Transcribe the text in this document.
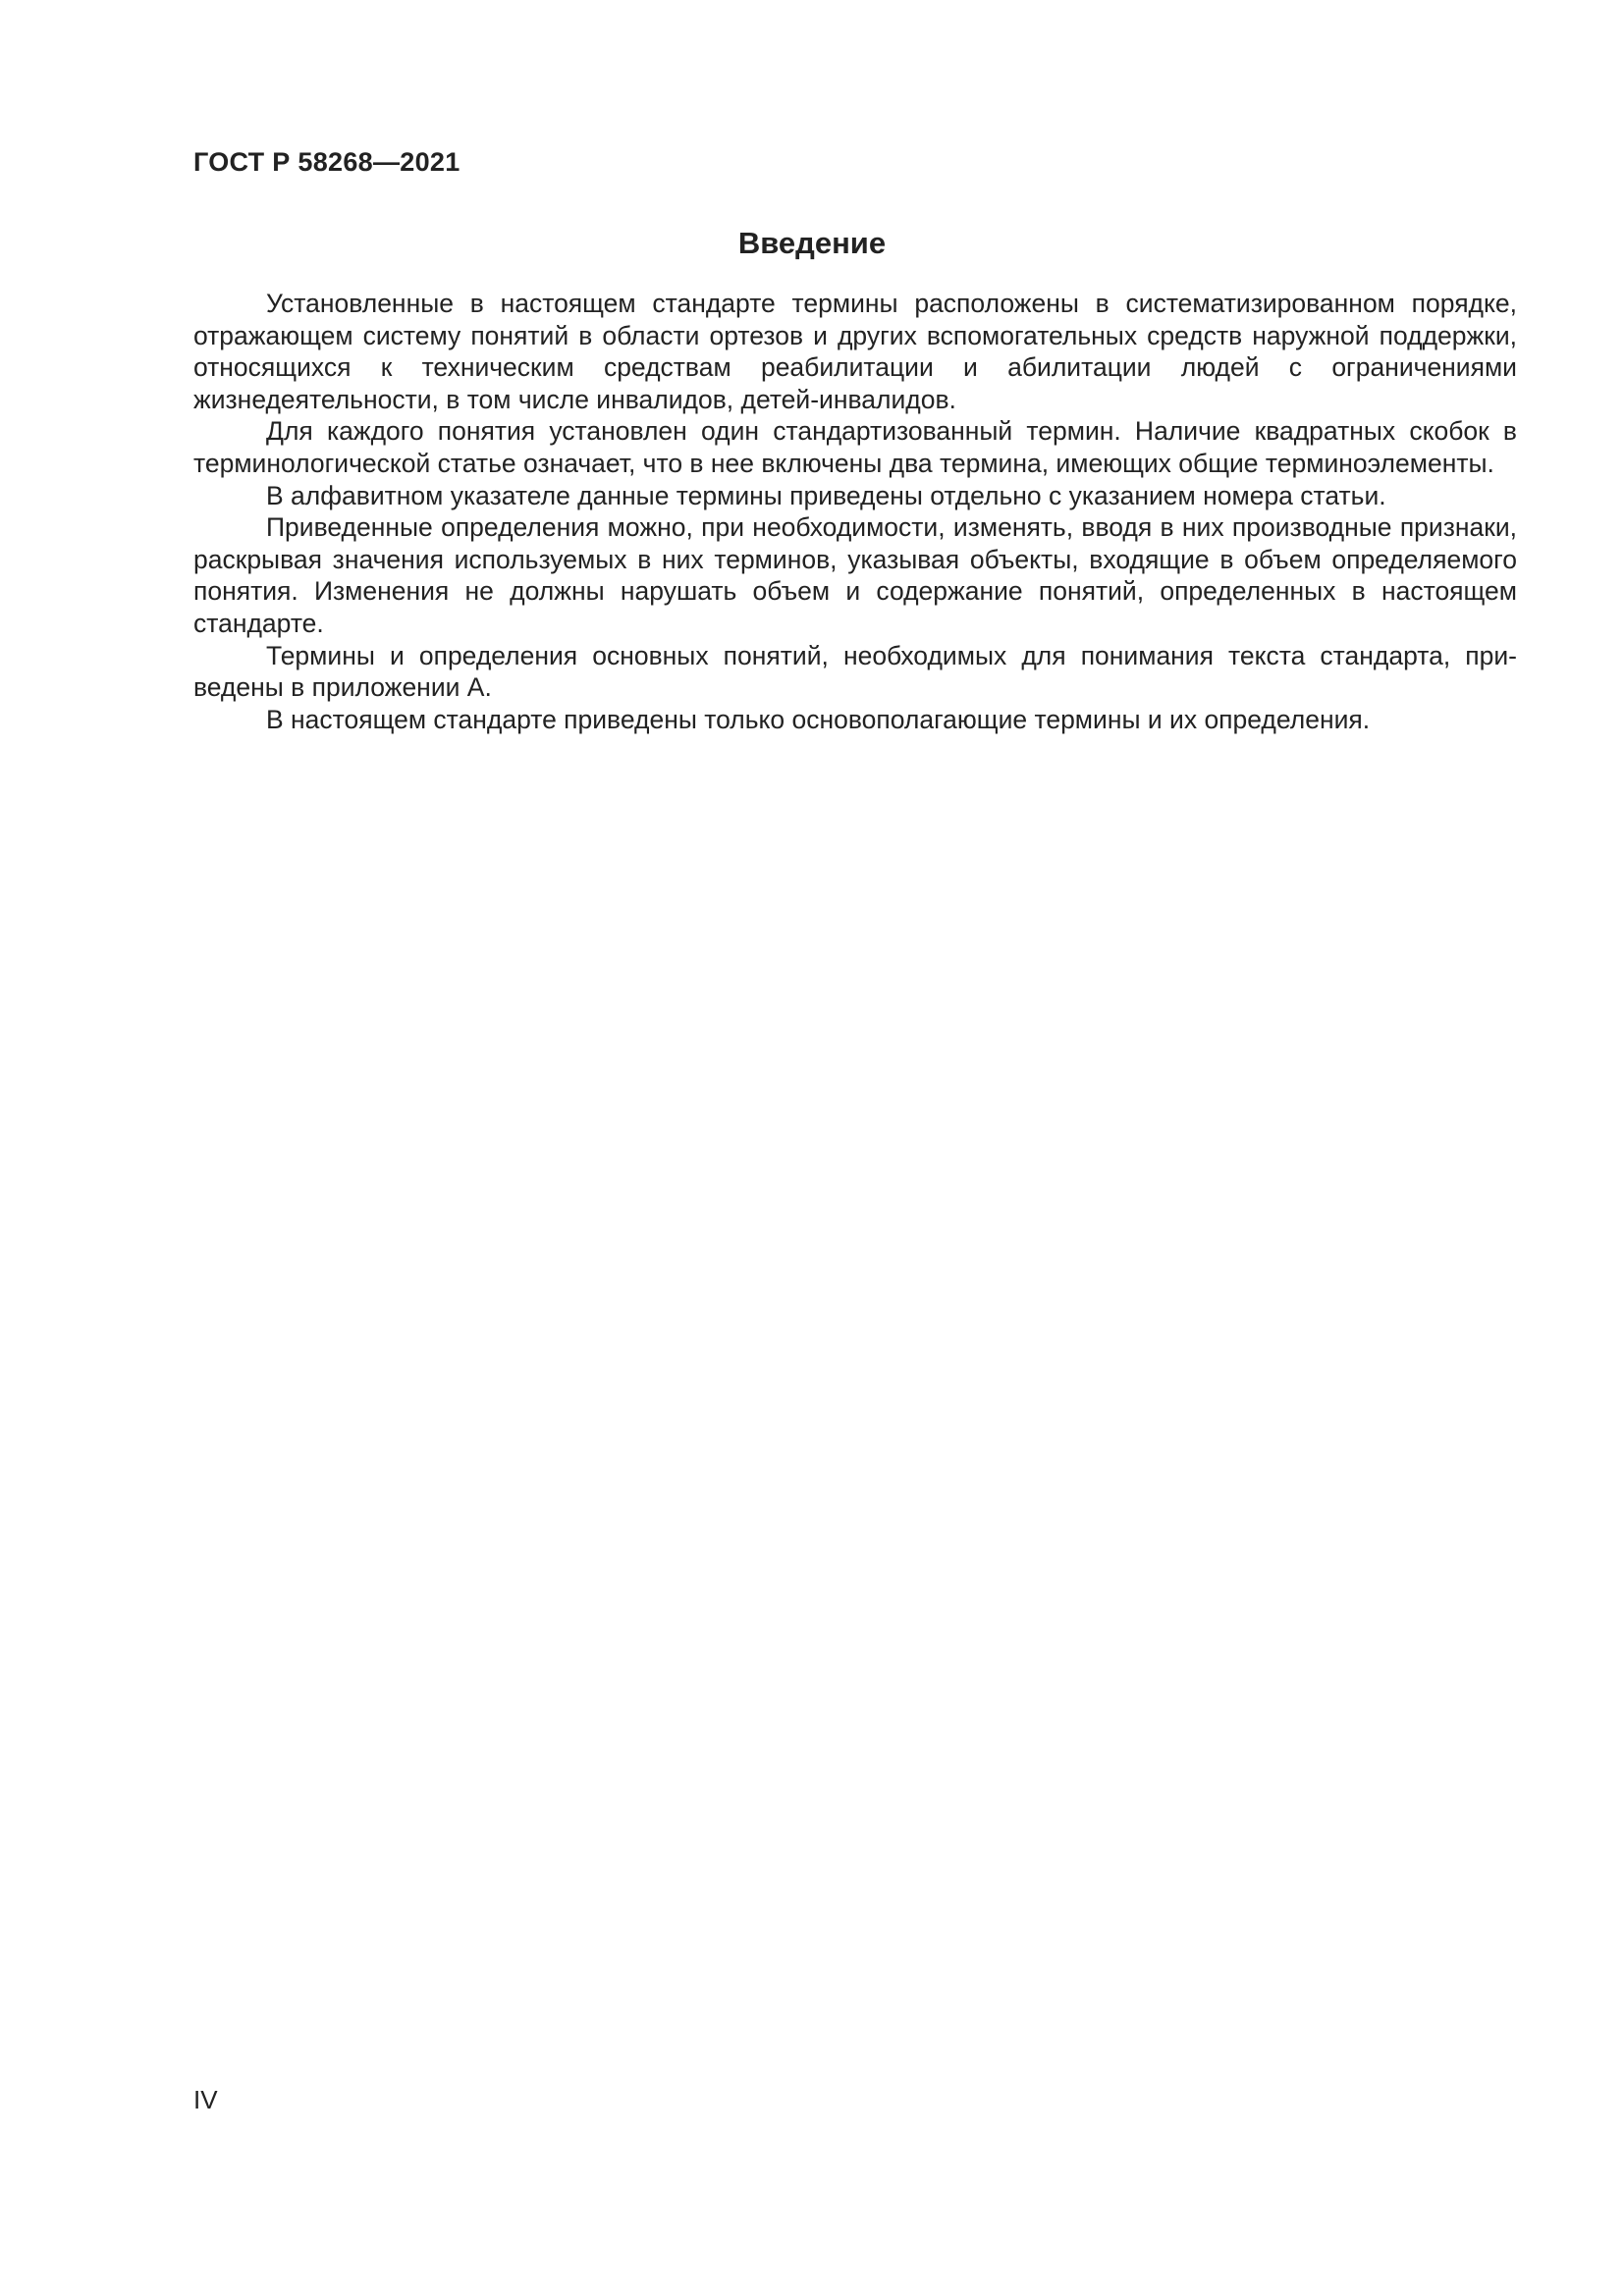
ГОСТ Р 58268—2021
Введение

Установленные в настоящем стандарте термины расположены в систематизированном порядке, отражающем систему понятий в области ортезов и других вспомогательных средств наружной поддержки, относящихся к техническим средствам реабилитации и абилитации людей с ограничениями жизнедеятельности, в том числе инвалидов, детей-инвалидов.

Для каждого понятия установлен один стандартизованный термин. Наличие квадратных скобок в терминологической статье означает, что в нее включены два термина, имеющих общие терминоэлементы.

В алфавитном указателе данные термины приведены отдельно с указанием номера статьи.

Приведенные определения можно, при необходимости, изменять, вводя в них производные признаки, раскрывая значения используемых в них терминов, указывая объекты, входящие в объем определяемого понятия. Изменения не должны нарушать объем и содержание понятий, определенных в настоящем стандарте.

Термины и определения основных понятий, необходимых для понимания текста стандарта, приведены в приложении А.

В настоящем стандарте приведены только основополагающие термины и их определения.

IV
